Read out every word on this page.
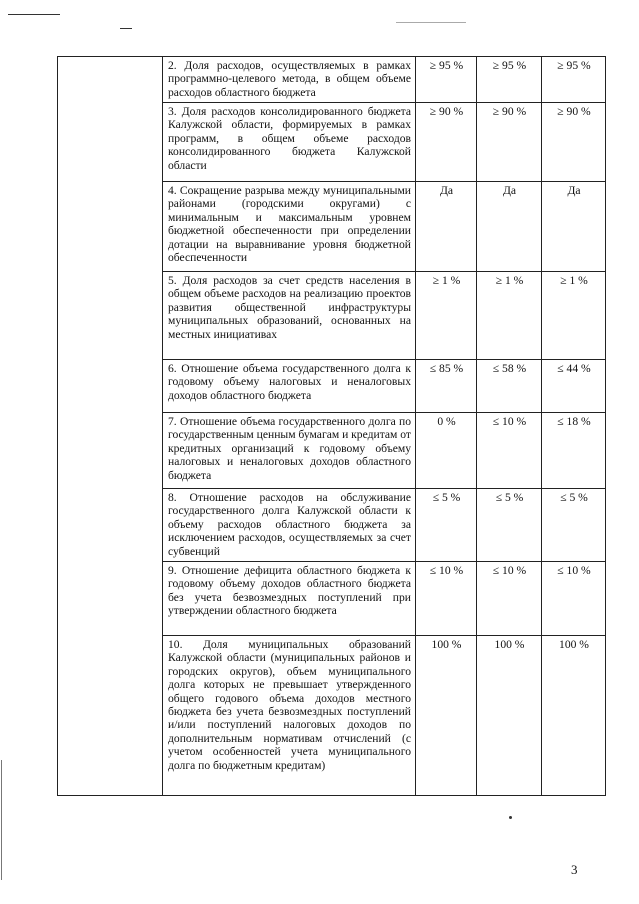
	2. Доля расходов, осуществляемых в рамках программно-целевого метода, в общем объеме расходов областного бюджета	≥ 95 %	≥ 95 %	≥ 95 %
	3. Доля расходов консолидированного бюджета Калужской области, формируемых в рамках программ, в общем объеме расходов консолидированного бюджета Калужской области	≥ 90 %	≥ 90 %	≥ 90 %
	4. Сокращение разрыва между муниципальными районами (городскими округами) с минимальным и максимальным уровнем бюджетной обеспеченности при определении дотации на выравнивание уровня бюджетной обеспеченности	Да	Да	Да
	5. Доля расходов за счет средств населения в общем объеме расходов на реализацию проектов развития общественной инфраструктуры муниципальных образований, основанных на местных инициативах	≥ 1 %	≥ 1 %	≥ 1 %
	6. Отношение объема государственного долга к годовому объему налоговых и неналоговых доходов областного бюджета	≤ 85 %	≤ 58 %	≤ 44 %
	7. Отношение объема государственного долга по государственным ценным бумагам и кредитам от кредитных организаций к годовому объему налоговых и неналоговых доходов областного бюджета	0 %	≤ 10 %	≤ 18 %
	8. Отношение расходов на обслуживание государственного долга Калужской области к объему расходов областного бюджета за исключением расходов, осуществляемых за счет субвенций	≤ 5 %	≤ 5 %	≤ 5 %
	9. Отношение дефицита областного бюджета к годовому объему доходов областного бюджета без учета безвозмездных поступлений при утверждении областного бюджета	≤ 10 %	≤ 10 %	≤ 10 %
	10. Доля муниципальных образований Калужской области (муниципальных районов и городских округов), объем муниципального долга которых не превышает утвержденного общего годового объема доходов местного бюджета без учета безвозмездных поступлений и/или поступлений налоговых доходов по дополнительным нормативам отчислений (с учетом особенностей учета муниципального долга по бюджетным кредитам)	100 %	100 %	100 %
3
